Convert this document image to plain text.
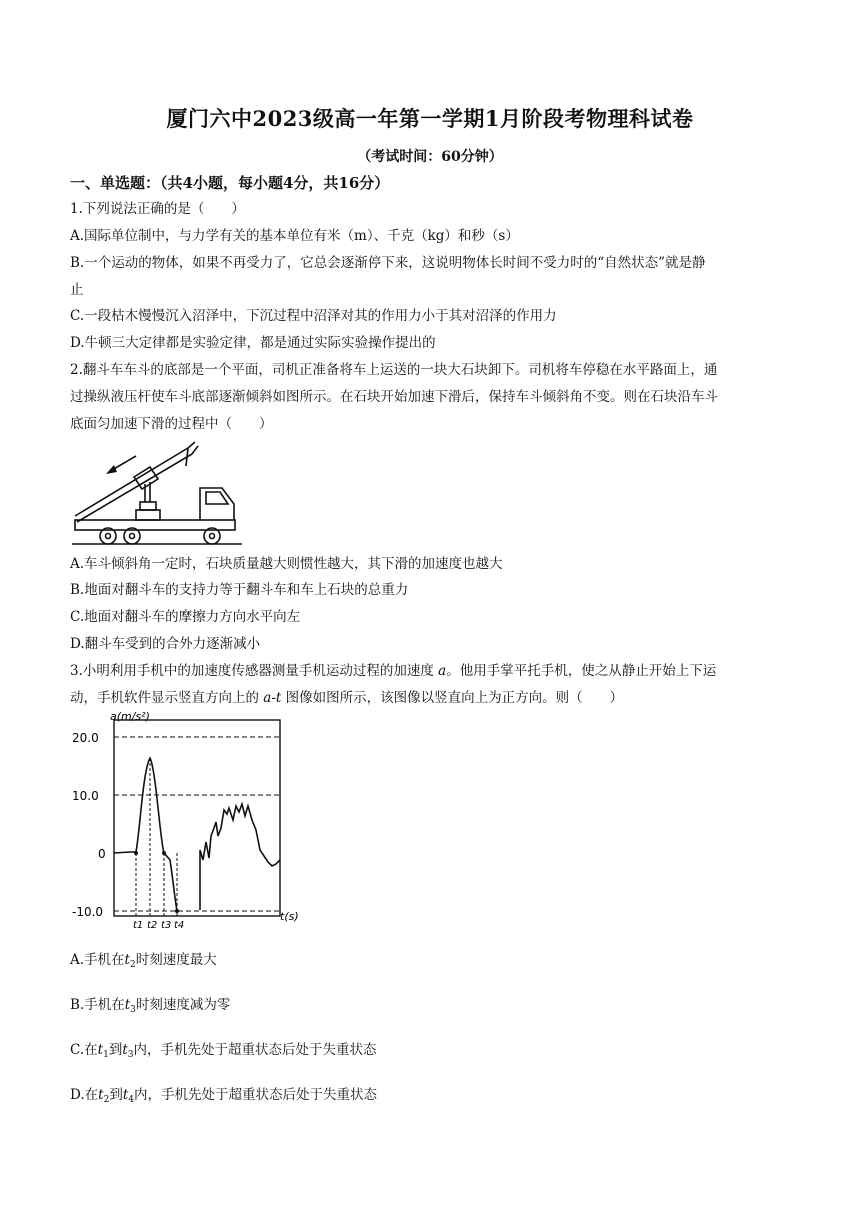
厦门六中2023级高一年第一学期1月阶段考物理科试卷
（考试时间：60分钟）
一、单选题：（共4小题，每小题4分，共16分）
1.下列说法正确的是（　　）
A.国际单位制中，与力学有关的基本单位有米（m）、千克（kg）和秒（s）
B.一个运动的物体，如果不再受力了，它总会逐渐停下来，这说明物体长时间不受力时的“自然状态”就是静
止
C.一段枯木慢慢沉入沼泽中，下沉过程中沼泽对其的作用力小于其对沼泽的作用力
D.牛顿三大定律都是实验定律，都是通过实际实验操作提出的
2.翻斗车车斗的底部是一个平面，司机正准备将车上运送的一块大石块卸下。司机将车停稳在水平路面上，通
过操纵液压杆使车斗底部逐渐倾斜如图所示。在石块开始加速下滑后，保持车斗倾斜角不变。则在石块沿车斗
底面匀加速下滑的过程中（　　）
A.车斗倾斜角一定时，石块质量越大则惯性越大，其下滑的加速度也越大
B.地面对翻斗车的支持力等于翻斗车和车上石块的总重力
C.地面对翻斗车的摩擦力方向水平向左
D.翻斗车受到的合外力逐渐减小
3.小明利用手机中的加速度传感器测量手机运动过程的加速度 a。他用手掌平托手机，使之从静止开始上下运
动，手机软件显示竖直方向上的 a-t 图像如图所示，该图像以竖直向上为正方向。则（　　）
a(m/s²)
20.0
10.0
0
-10.0	t(s)
t1 t2 t3 t4
A.手机在$t_2$时刻速度最大
B.手机在$t_3$时刻速度减为零
C.在$t_1$到$t_3$内，手机先处于超重状态后处于失重状态
D.在$t_2$到$t_4$内，手机先处于超重状态后处于失重状态
